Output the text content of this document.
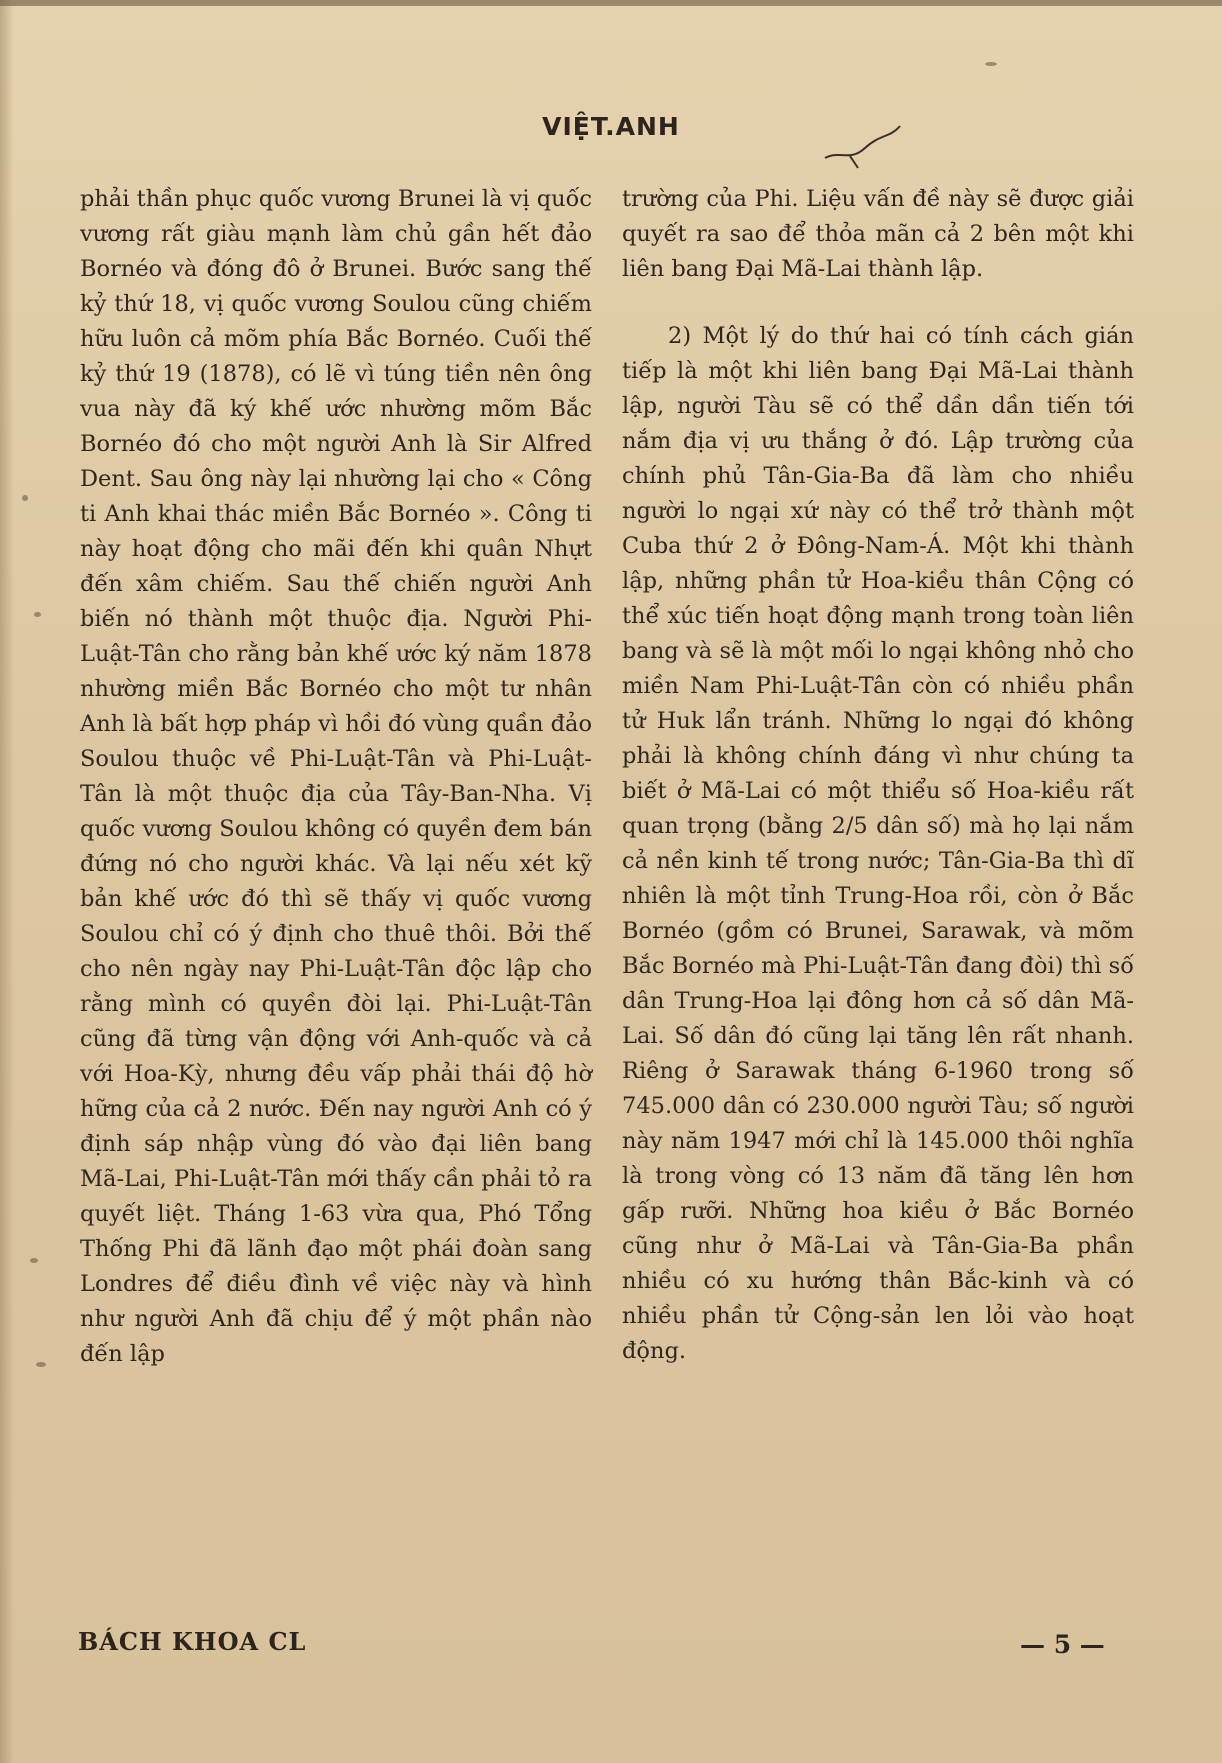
VIỆT.ANH

phải thần phục quốc vương Brunei là vị quốc vương rất giàu mạnh làm chủ gần hết đảo Bornéo và đóng đô ở Brunei. Bước sang thế kỷ thứ 18, vị quốc vương Soulou cũng chiếm hữu luôn cả mõm phía Bắc Bornéo. Cuối thế kỷ thứ 19 (1878), có lẽ vì túng tiền nên ông vua này đã ký khế ước nhường mõm Bắc Bornéo đó cho một người Anh là Sir Alfred Dent. Sau ông này lại nhường lại cho « Công ti Anh khai thác miền Bắc Bornéo ». Công ti này hoạt động cho mãi đến khi quân Nhựt đến xâm chiếm. Sau thế chiến người Anh biến nó thành một thuộc địa. Người Phi-Luật-Tân cho rằng bản khế ước ký năm 1878 nhường miền Bắc Bornéo cho một tư nhân Anh là bất hợp pháp vì hồi đó vùng quần đảo Soulou thuộc về Phi-Luật-Tân và Phi-Luật-Tân là một thuộc địa của Tây-Ban-Nha. Vị quốc vương Soulou không có quyền đem bán đứng nó cho người khác. Và lại nếu xét kỹ bản khế ước đó thì sẽ thấy vị quốc vương Soulou chỉ có ý định cho thuê thôi. Bởi thế cho nên ngày nay Phi-Luật-Tân độc lập cho rằng mình có quyền đòi lại. Phi-Luật-Tân cũng đã từng vận động với Anh-quốc và cả với Hoa-Kỳ, nhưng đều vấp phải thái độ hờ hững của cả 2 nước. Đến nay người Anh có ý định sáp nhập vùng đó vào đại liên bang Mã-Lai, Phi-Luật-Tân mới thấy cần phải tỏ ra quyết liệt. Tháng 1-63 vừa qua, Phó Tổng Thống Phi đã lãnh đạo một phái đoàn sang Londres để điều đình về việc này và hình như người Anh đã chịu để ý một phần nào đến lập

trường của Phi. Liệu vấn đề này sẽ được giải quyết ra sao để thỏa mãn cả 2 bên một khi liên bang Đại Mã-Lai thành lập.

2) Một lý do thứ hai có tính cách gián tiếp là một khi liên bang Đại Mã-Lai thành lập, người Tàu sẽ có thể dần dần tiến tới nắm địa vị ưu thắng ở đó. Lập trường của chính phủ Tân-Gia-Ba đã làm cho nhiều người lo ngại xứ này có thể trở thành một Cuba thứ 2 ở Đông-Nam-Á. Một khi thành lập, những phần tử Hoa-kiều thân Cộng có thể xúc tiến hoạt động mạnh trong toàn liên bang và sẽ là một mối lo ngại không nhỏ cho miền Nam Phi-Luật-Tân còn có nhiều phần tử Huk lẩn tránh. Những lo ngại đó không phải là không chính đáng vì như chúng ta biết ở Mã-Lai có một thiểu số Hoa-kiều rất quan trọng (bằng 2/5 dân số) mà họ lại nắm cả nền kinh tế trong nước; Tân-Gia-Ba thì dĩ nhiên là một tỉnh Trung-Hoa rồi, còn ở Bắc Bornéo (gồm có Brunei, Sarawak, và mõm Bắc Bornéo mà Phi-Luật-Tân đang đòi) thì số dân Trung-Hoa lại đông hơn cả số dân Mã-Lai. Số dân đó cũng lại tăng lên rất nhanh. Riêng ở Sarawak tháng 6-1960 trong số 745.000 dân có 230.000 người Tàu; số người này năm 1947 mới chỉ là 145.000 thôi nghĩa là trong vòng có 13 năm đã tăng lên hơn gấp rưỡi. Những hoa kiều ở Bắc Bornéo cũng như ở Mã-Lai và Tân-Gia-Ba phần nhiều có xu hướng thân Bắc-kinh và có nhiều phần tử Cộng-sản len lỏi vào hoạt động.

BÁCH KHOA CL	— 5 —
